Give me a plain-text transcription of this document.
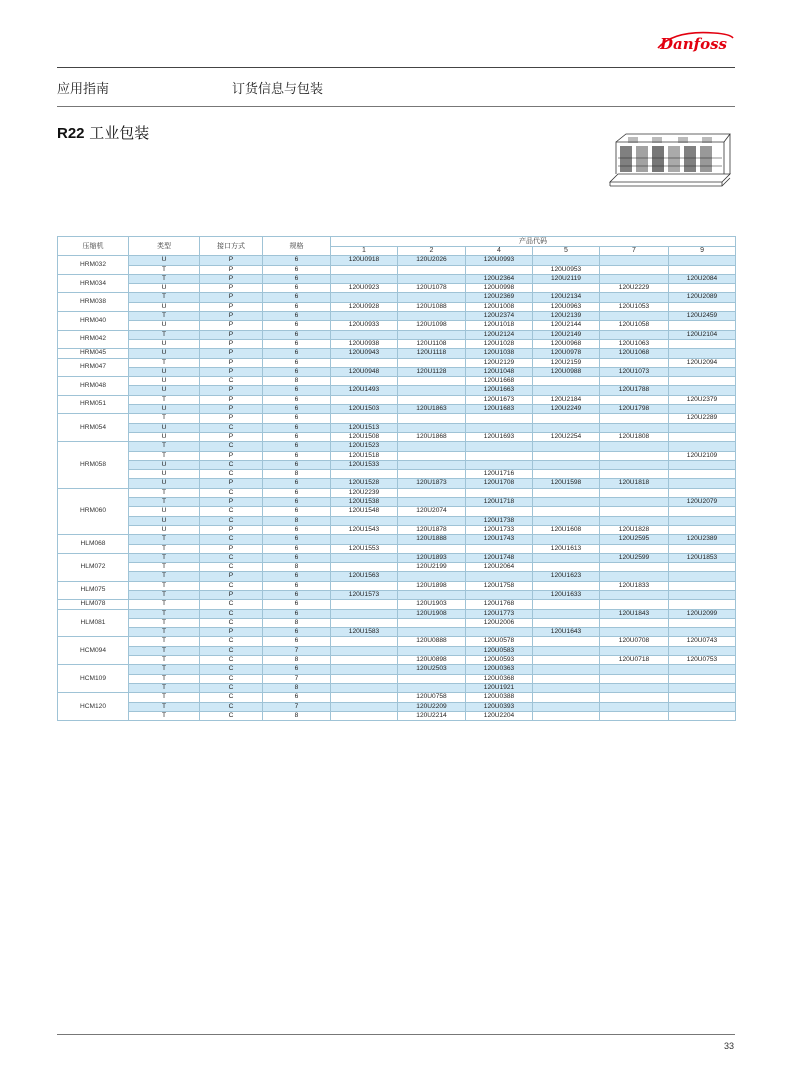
Danfoss
应用指南	订货信息与包装
R22 工业包装
压缩机	类型	接口方式	规格	产品代码					
				1	2	4	5	7	9
HRM032	U	P	6	120U0918	120U2026	120U0993			
	T	P	6				120U0953		
HRM034	T	P	6			120U2364	120U2119		120U2084
	U	P	6	120U0923	120U1078	120U0998		120U2229	
HRM038	T	P	6			120U2369	120U2134		120U2089
	U	P	6	120U0928	120U1088	120U1008	120U0963	120U1053	
HRM040	T	P	6			120U2374	120U2139		120U2459
	U	P	6	120U0933	120U1098	120U1018	120U2144	120U1058	
HRM042	T	P	6			120U2124	120U2149		120U2104
	U	P	6	120U0938	120U1108	120U1028	120U0968	120U1063	
HRM045	U	P	6	120U0943	120U1118	120U1038	120U0978	120U1068	
HRM047	T	P	6			120U2129	120U2159		120U2094
	U	P	6	120U0948	120U1128	120U1048	120U0988	120U1073	
HRM048	U	C	8			120U1668			
	U	P	6	120U1493		120U1663		120U1788	
HRM051	T	P	6			120U1673	120U2184		120U2379
	U	P	6	120U1503	120U1863	120U1683	120U2249	120U1798	
HRM054	T	P	6						120U2289
	U	C	6	120U1513					
	U	P	6	120U1508	120U1868	120U1693	120U2254	120U1808	
HRM058	T	C	6	120U1523					
	T	P	6	120U1518					120U2109
	U	C	6	120U1533					
	U	C	8			120U1716			
	U	P	6	120U1528	120U1873	120U1708	120U1598	120U1818	
HRM060	T	C	6	120U2239					
	T	P	6	120U1538		120U1718			120U2079
	U	C	6	120U1548	120U2074				
	U	C	8			120U1738			
	U	P	6	120U1543	120U1878	120U1733	120U1608	120U1828	
HLM068	T	C	6		120U1888	120U1743		120U2595	120U2389
	T	P	6	120U1553			120U1613		
HLM072	T	C	6		120U1893	120U1748		120U2599	120U1853
	T	C	8		120U2199	120U2064			
	T	P	6	120U1563			120U1623		
HLM075	T	C	6		120U1898	120U1758		120U1833	
	T	P	6	120U1573			120U1633		
HLM078	T	C	6		120U1903	120U1768			
HLM081	T	C	6		120U1908	120U1773		120U1843	120U2099
	T	C	8			120U2006			
	T	P	6	120U1583			120U1643		
HCM094	T	C	6		120U0888	120U0578		120U0708	120U0743
	T	C	7			120U0583			
	T	C	8		120U0898	120U0593		120U0718	120U0753
HCM109	T	C	6		120U2503	120U0363			
	T	C	7			120U0368			
	T	C	8			120U1921			
HCM120	T	C	6		120U0758	120U0388			
	T	C	7		120U2209	120U0393			
	T	C	8		120U2214	120U2204			
33
